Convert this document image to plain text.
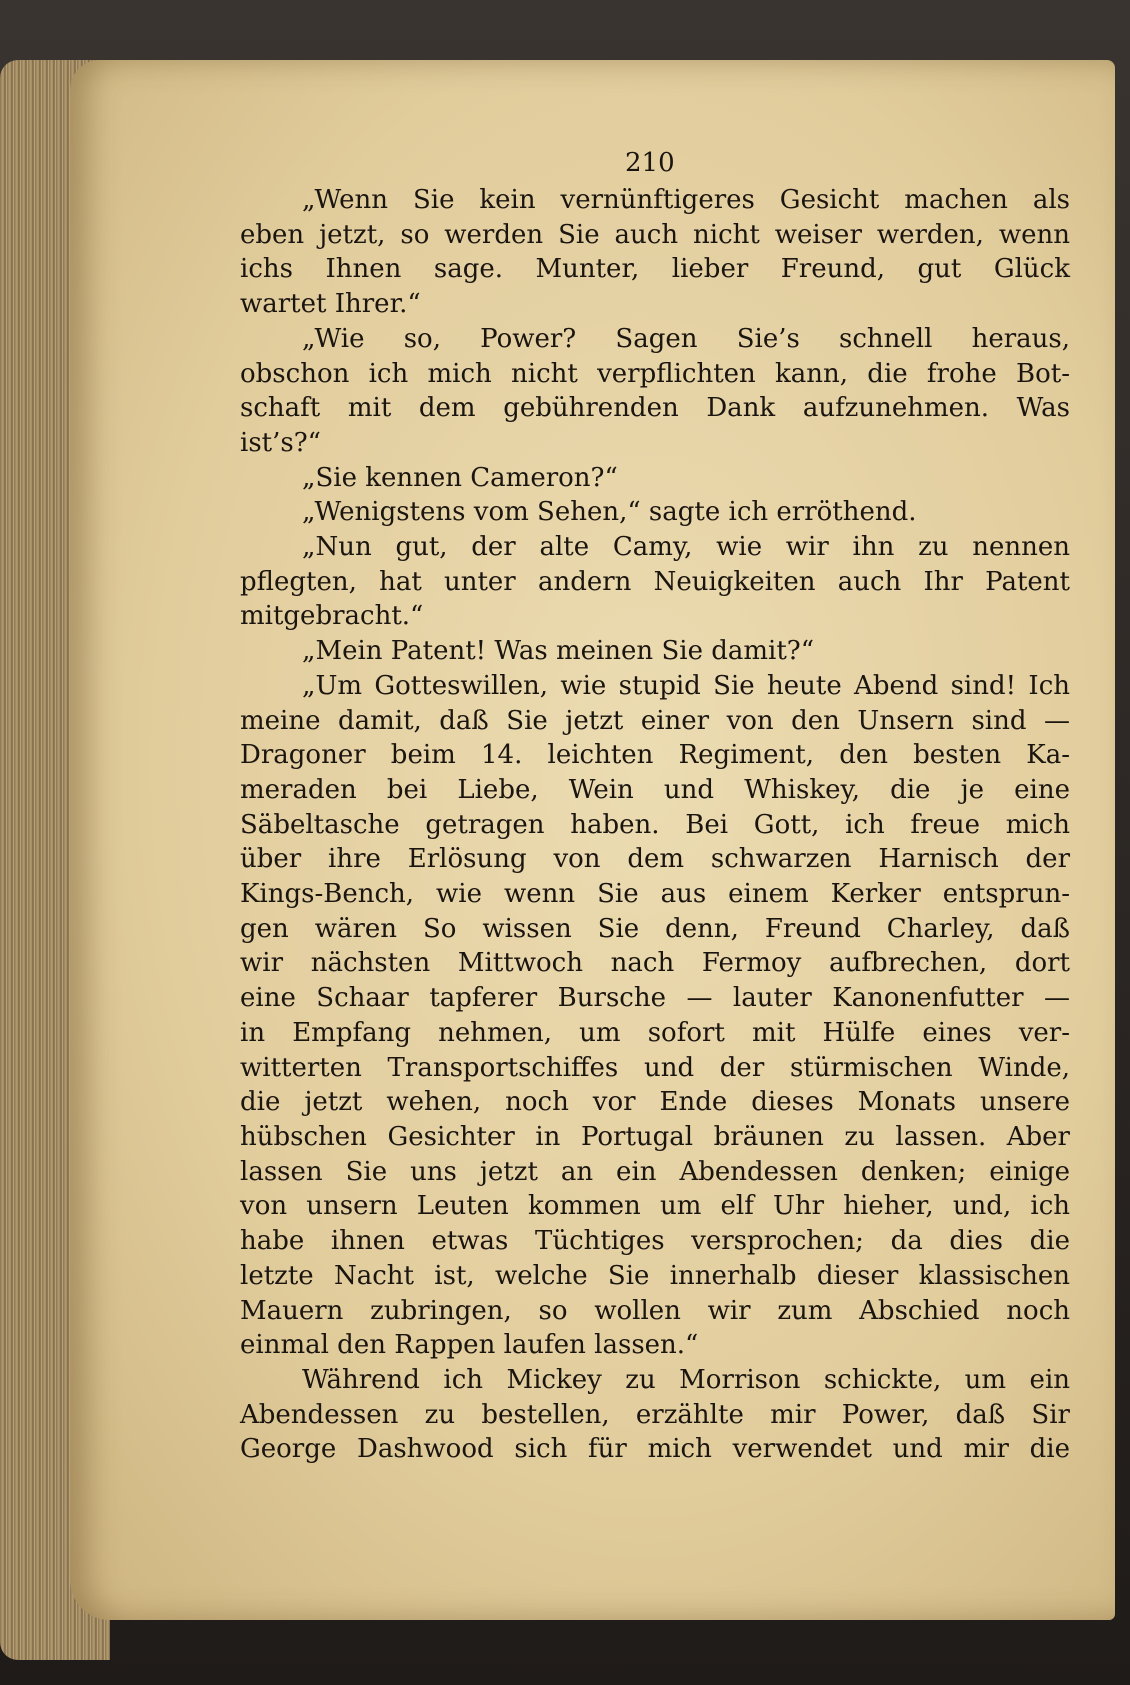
210
„Wenn Sie kein vernünftigeres Gesicht machen als
eben jetzt, so werden Sie auch nicht weiser werden, wenn
ichs Ihnen sage. Munter, lieber Freund, gut Glück
wartet Ihrer.“
„Wie so, Power? Sagen Sie’s schnell heraus,
obschon ich mich nicht verpflichten kann, die frohe Bot-
schaft mit dem gebührenden Dank aufzunehmen. Was
ist’s?“
„Sie kennen Cameron?“
„Wenigstens vom Sehen,“ sagte ich erröthend.
„Nun gut, der alte Camy, wie wir ihn zu nennen
pflegten, hat unter andern Neuigkeiten auch Ihr Patent
mitgebracht.“
„Mein Patent! Was meinen Sie damit?“
„Um Gotteswillen, wie stupid Sie heute Abend sind! Ich
meine damit, daß Sie jetzt einer von den Unsern sind —
Dragoner beim 14. leichten Regiment, den besten Ka-
meraden bei Liebe, Wein und Whiskey, die je eine
Säbeltasche getragen haben. Bei Gott, ich freue mich
über ihre Erlösung von dem schwarzen Harnisch der
Kings-Bench, wie wenn Sie aus einem Kerker entsprun-
gen wären So wissen Sie denn, Freund Charley, daß
wir nächsten Mittwoch nach Fermoy aufbrechen, dort
eine Schaar tapferer Bursche — lauter Kanonenfutter —
in Empfang nehmen, um sofort mit Hülfe eines ver-
witterten Transportschiffes und der stürmischen Winde,
die jetzt wehen, noch vor Ende dieses Monats unsere
hübschen Gesichter in Portugal bräunen zu lassen. Aber
lassen Sie uns jetzt an ein Abendessen denken; einige
von unsern Leuten kommen um elf Uhr hieher, und, ich
habe ihnen etwas Tüchtiges versprochen; da dies die
letzte Nacht ist, welche Sie innerhalb dieser klassischen
Mauern zubringen, so wollen wir zum Abschied noch
einmal den Rappen laufen lassen.“
Während ich Mickey zu Morrison schickte, um ein
Abendessen zu bestellen, erzählte mir Power, daß Sir
George Dashwood sich für mich verwendet und mir die
